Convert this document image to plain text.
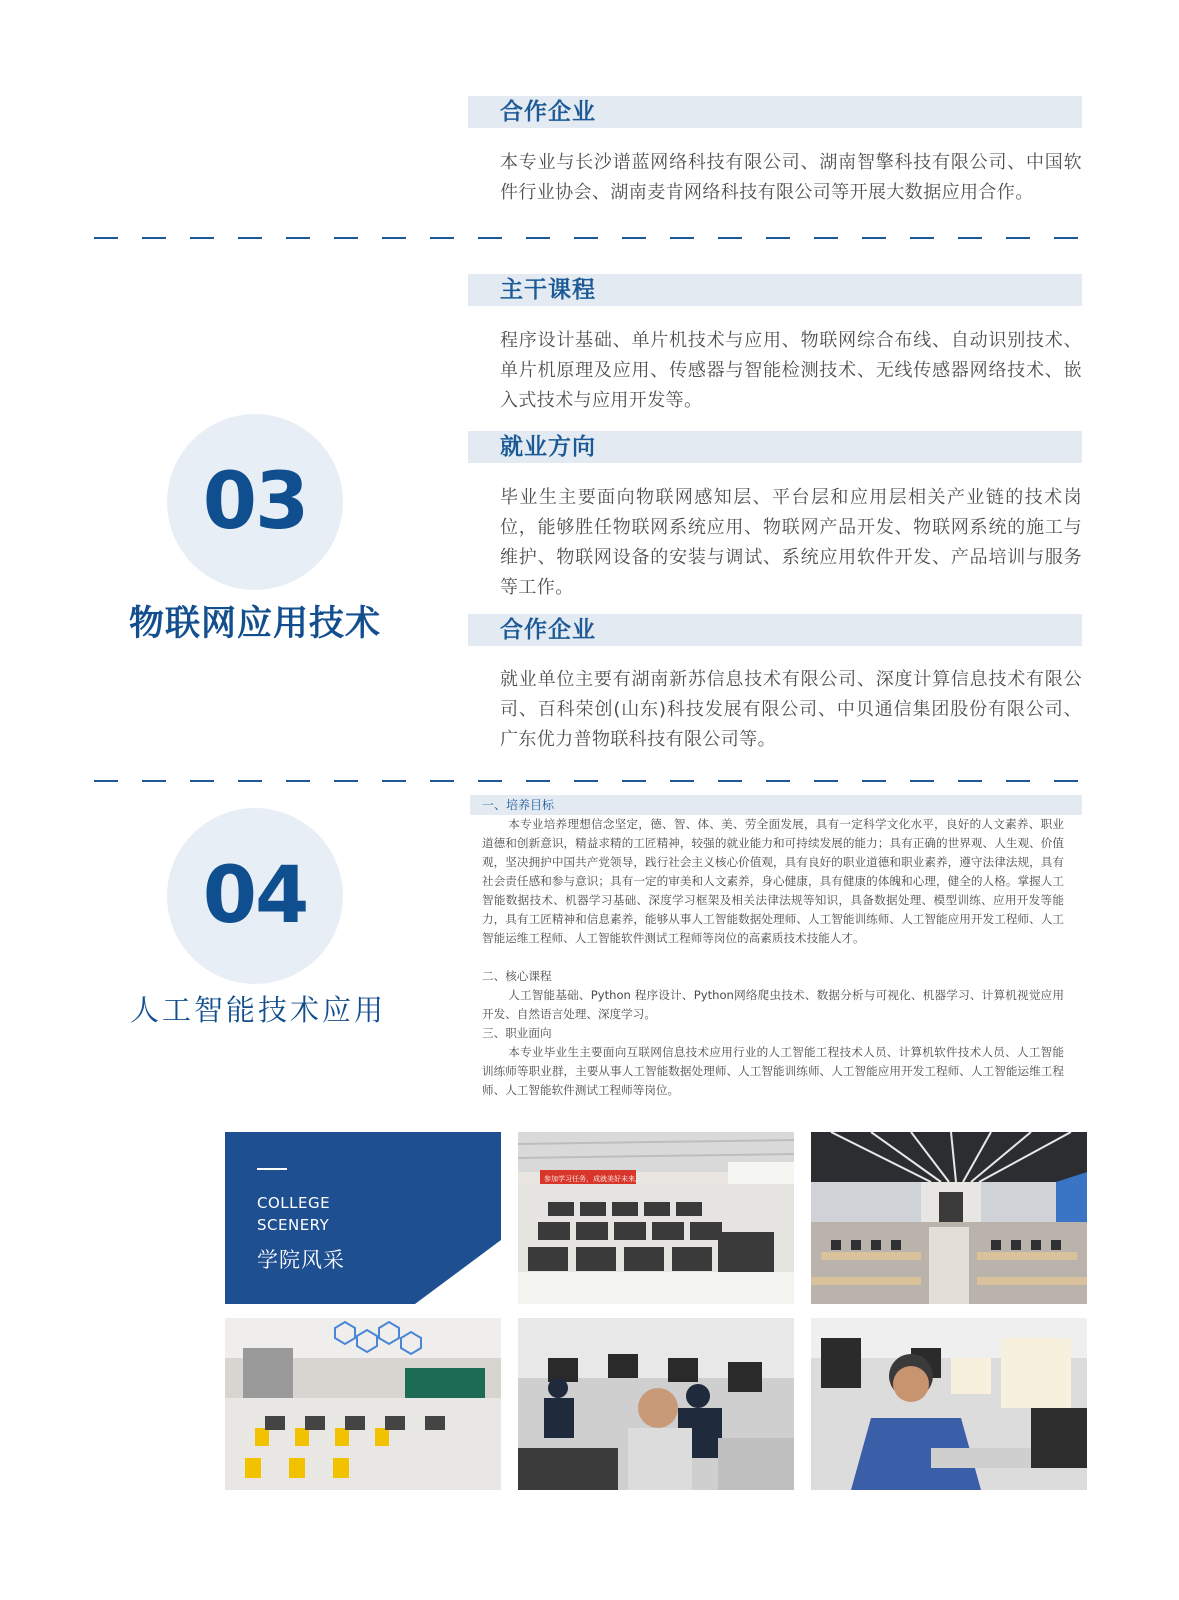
合作企业
本专业与长沙谱蓝网络科技有限公司、湖南智擎科技有限公司、中国软件行业协会、湖南麦肯网络科技有限公司等开展大数据应用合作。
主干课程
程序设计基础、单片机技术与应用、物联网综合布线、自动识别技术、单片机原理及应用、传感器与智能检测技术、无线传感器网络技术、嵌入式技术与应用开发等。
就业方向
毕业生主要面向物联网感知层、平台层和应用层相关产业链的技术岗位，能够胜任物联网系统应用、物联网产品开发、物联网系统的施工与维护、物联网设备的安装与调试、系统应用软件开发、产品培训与服务等工作。
合作企业
就业单位主要有湖南新苏信息技术有限公司、深度计算信息技术有限公司、百科荣创(山东)科技发展有限公司、中贝通信集团股份有限公司、广东优力普物联科技有限公司等。
03
物联网应用技术
04
人工智能技术应用
一、培养目标
本专业培养理想信念坚定，德、智、体、美、劳全面发展，具有一定科学文化水平，良好的人文素养、职业道德和创新意识，精益求精的工匠精神，较强的就业能力和可持续发展的能力；具有正确的世界观、人生观、价值观，坚决拥护中国共产党领导，践行社会主义核心价值观，具有良好的职业道德和职业素养，遵守法律法规，具有社会责任感和参与意识；具有一定的审美和人文素养，身心健康，具有健康的体魄和心理，健全的人格。掌握人工智能数据技术、机器学习基础、深度学习框架及相关法律法规等知识，具备数据处理、模型训练、应用开发等能力，具有工匠精神和信息素养，能够从事人工智能数据处理师、人工智能训练师、人工智能应用开发工程师、人工智能运维工程师、人工智能软件测试工程师等岗位的高素质技术技能人才。
二、核心课程
人工智能基础、Python 程序设计、Python网络爬虫技术、数据分析与可视化、机器学习、计算机视觉应用开发、自然语言处理、深度学习。
三、职业面向
本专业毕业生主要面向互联网信息技术应用行业的人工智能工程技术人员、计算机软件技术人员、人工智能训练师等职业群，主要从事人工智能数据处理师、人工智能训练师、人工智能应用开发工程师、人工智能运维工程师、人工智能软件测试工程师等岗位。
COLLEGE
SCENERY
学院风采
参加学习任务，成就美好未来。
